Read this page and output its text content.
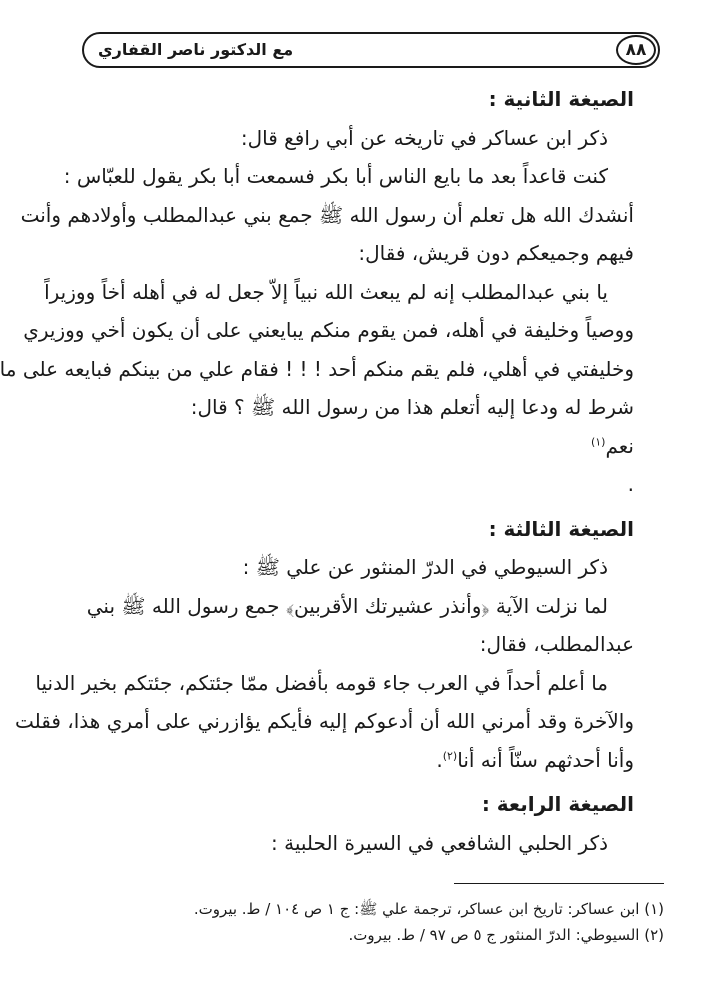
٨٨
مع الدكتور ناصر القفاري
الصيغة الثانية :
ذكر ابن عساكر في تاريخه عن أبي رافع قال:
كنت قاعداً بعد ما بايع الناس أبا بكر فسمعت أبا بكر يقول للعبّاس :
أنشدك الله هل تعلم أن رسول الله ﷺ جمع بني عبدالمطلب وأولادهم وأنت
فيهم وجميعكم دون قريش، فقال:
يا بني عبدالمطلب إنه لم يبعث الله نبياً إلاّ جعل له في أهله أخاً ووزيراً
ووصياً وخليفة في أهله، فمن يقوم منكم يبايعني على أن يكون أخي ووزيري
وخليفتي في أهلي، فلم يقم منكم أحد ! ! ! فقام علي من بينكم فبايعه على ما
شرط له ودعا إليه أتعلم هذا من رسول الله ﷺ ؟ قال:
نعم$^{(١)}$
.
الصيغة الثالثة :
ذكر السيوطي في الدرّ المنثور عن علي ﷺ :
لما نزلت الآية ﴿وأنذر عشيرتك الأقربين﴾ جمع رسول الله ﷺ بني
عبدالمطلب، فقال:
ما أعلم أحداً في العرب جاء قومه بأفضل ممّا جئتكم، جئتكم بخير الدنيا
والآخرة وقد أمرني الله أن أدعوكم إليه فأيكم يؤازرني على أمري هذا، فقلت
وأنا أحدثهم سنّاً أنه أنا$^{(٢)}$.
الصيغة الرابعة :
ذكر الحلبي الشافعي في السيرة الحلبية :
(١) ابن عساكر: تاريخ ابن عساكر، ترجمة علي ﷺ: ج ١ ص ١٠٤ / ط. بيروت.
(٢) السيوطي: الدرّ المنثور ج ٥ ص ٩٧ / ط. بيروت.
